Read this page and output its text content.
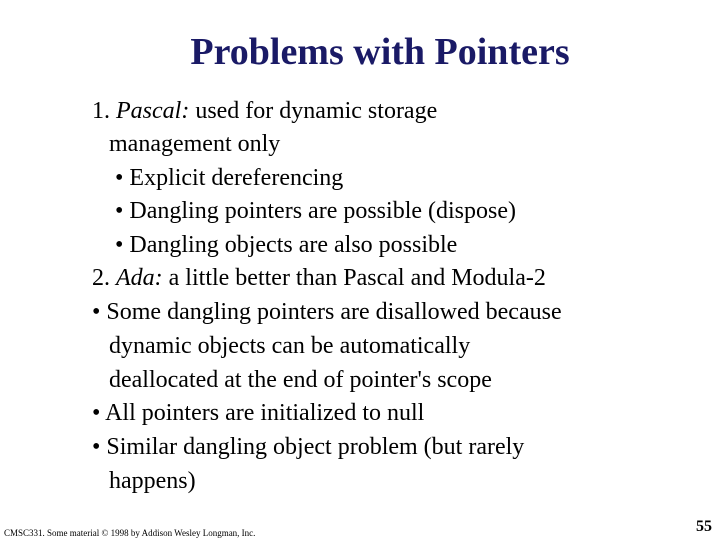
Problems with Pointers
1. Pascal: used for dynamic storage
management only
• Explicit dereferencing
• Dangling pointers are possible (dispose)
• Dangling objects are also possible
2. Ada: a little better than Pascal and Modula-2
• Some dangling pointers are disallowed because
dynamic objects can be automatically
deallocated at the end of pointer's scope
• All pointers are initialized to null
• Similar dangling object problem (but rarely
happens)
CMSC331. Some material © 1998 by Addison Wesley Longman, Inc.	55
